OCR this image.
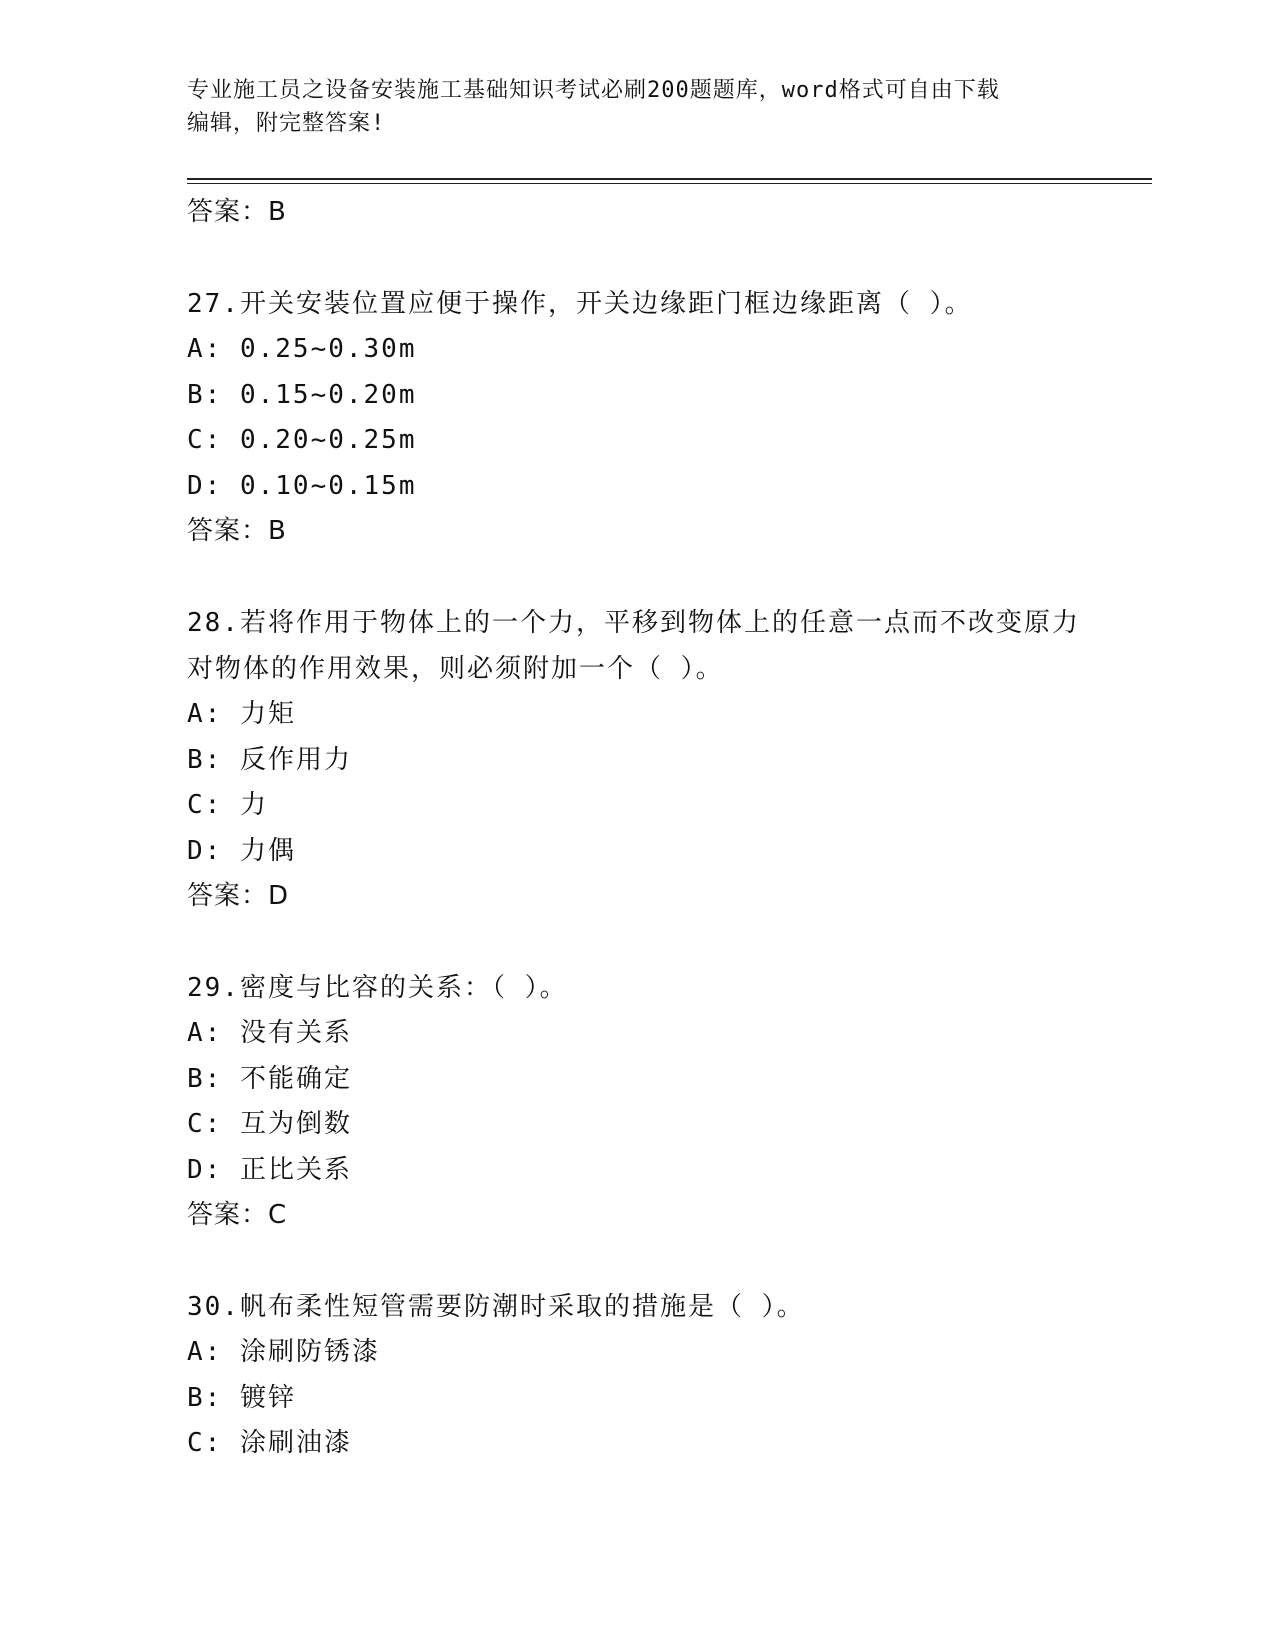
专业施工员之设备安装施工基础知识考试必刷200题题库，word格式可自由下载
编辑，附完整答案!
答案：B
27.开关安装位置应便于操作，开关边缘距门框边缘距离（ ）。
A: 0.25~0.30m
B: 0.15~0.20m
C: 0.20~0.25m
D: 0.10~0.15m
答案：B
28.若将作用于物体上的一个力，平移到物体上的任意一点而不改变原力对物体的作用效果，则必须附加一个（ ）。
A: 力矩
B: 反作用力
C: 力
D: 力偶
答案：D
29.密度与比容的关系：（ ）。
A: 没有关系
B: 不能确定
C: 互为倒数
D: 正比关系
答案：C
30.帆布柔性短管需要防潮时采取的措施是（ ）。
A: 涂刷防锈漆
B: 镀锌
C: 涂刷油漆
